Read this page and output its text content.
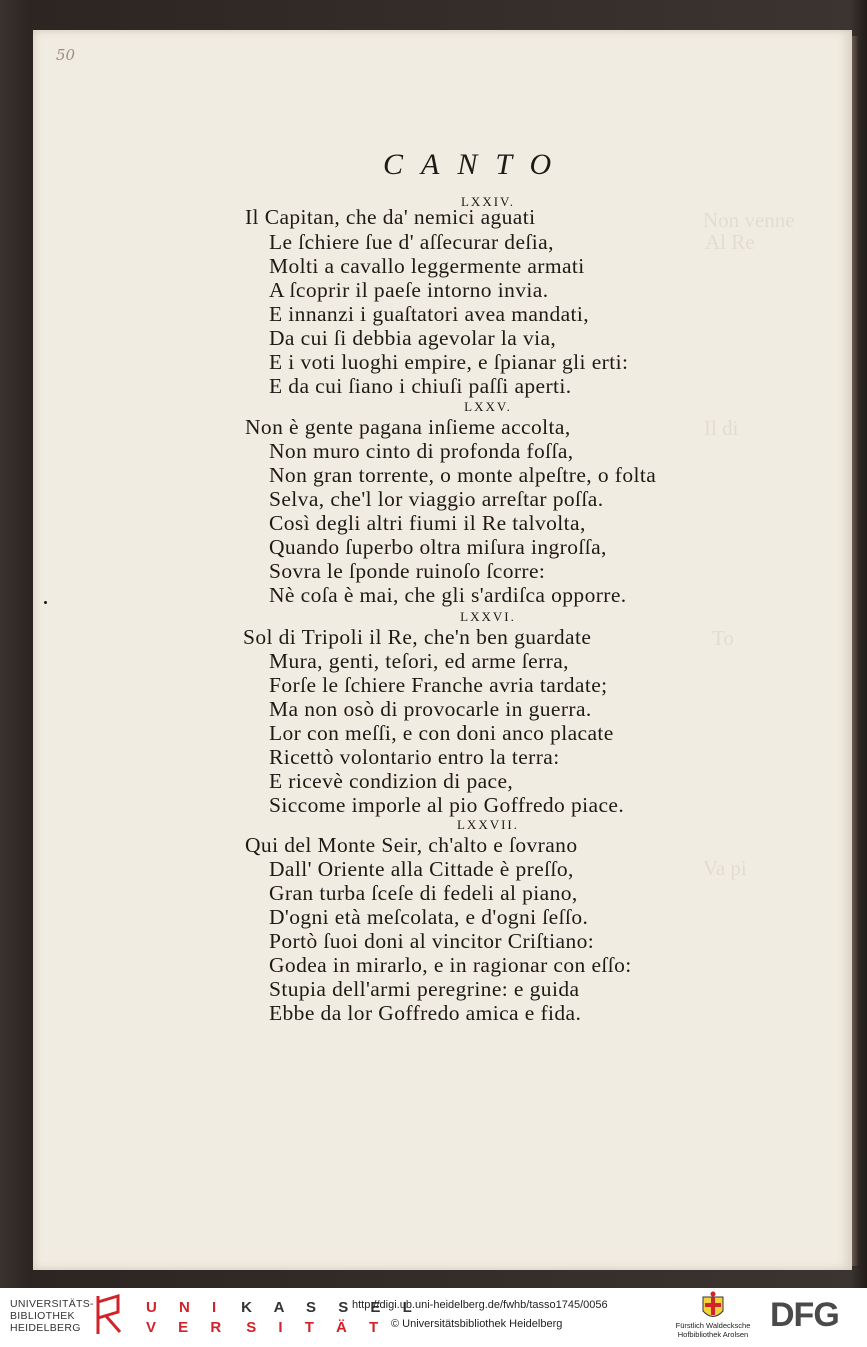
Non venne
Al Re
Il di
To
Va pi
50
CANTO
LXXIV.
Il Capitan, che da' nemici aguati
Le ſchiere ſue d' aſſecurar deſia,
Molti a cavallo leggermente armati
A ſcoprir il paeſe intorno invia.
E innanzi i guaſtatori avea mandati,
Da cui ſi debbia agevolar la via,
E i voti luoghi empire, e ſpianar gli erti:
E da cui ſiano i chiuſi paſſi aperti.
LXXV.
Non è gente pagana inſieme accolta,
Non muro cinto di profonda foſſa,
Non gran torrente, o monte alpeſtre, o folta
Selva, che'l lor viaggio arreſtar poſſa.
Così degli altri fiumi il Re talvolta,
Quando ſuperbo oltra miſura ingroſſa,
Sovra le ſponde ruinoſo ſcorre:
Nè coſa è mai, che gli s'ardiſca opporre.
LXXVI.
Sol di Tripoli il Re, che'n ben guardate
Mura, genti, teſori, ed arme ſerra,
Forſe le ſchiere Franche avria tardate;
Ma non osò di provocarle in guerra.
Lor con meſſi, e con doni anco placate
Ricettò volontario entro la terra:
E ricevè condizion di pace,
Siccome imporle al pio Goffredo piace.
LXXVII.
Qui del Monte Seir, ch'alto e ſovrano
Dall' Oriente alla Cittade è preſſo,
Gran turba ſceſe di fedeli al piano,
D'ogni età meſcolata, e d'ogni ſeſſo.
Portò ſuoi doni al vincitor Criſtiano:
Godea in mirarlo, e in ragionar con eſſo:
Stupia dell'armi peregrine: e guida
Ebbe da lor Goffredo amica e fida.
UNIVERSITÄTS-
BIBLIOTHEK
HEIDELBERG
U N I K A S S E L
V E R S I T Ä T
http://digi.ub.uni-heidelberg.de/fwhb/tasso1745/0056
© Universitätsbibliothek Heidelberg	Fürstlich Waldecksche
Hofbibliothek Arolsen DFG
